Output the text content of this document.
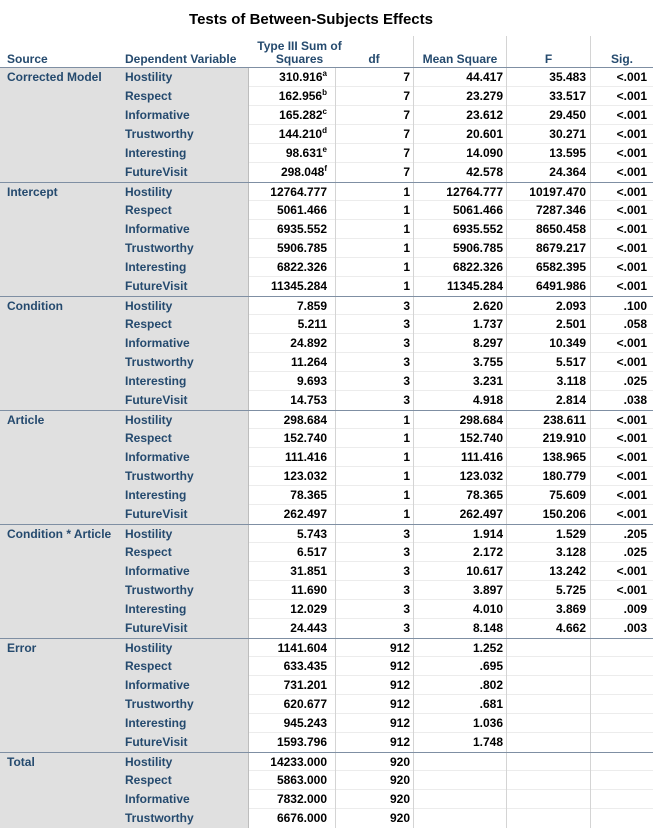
Tests of Between-Subjects Effects
Source	Dependent Variable
Type III Sum of
Squares	df	Mean Square	F	Sig.
Corrected Model	Hostility	310.916$^a$	7	44.417	35.483	<.001
Respect	162.956$^b$	7	23.279	33.517	<.001
Informative	165.282$^c$	7	23.612	29.450	<.001
Trustworthy	144.210$^d$	7	20.601	30.271	<.001
Interesting	98.631e	7	14.090	13.595	<.001
FutureVisit	298.048$^f$	7	42.578	24.364	<.001
Intercept	Hostility	12764.777	1	12764.777	10197.470	<.001
Respect	5061.466	1	5061.466	7287.346	<.001
Informative	6935.552	1	6935.552	8650.458	<.001
Trustworthy	5906.785	1	5906.785	8679.217	<.001
Interesting	6822.326	1	6822.326	6582.395	<.001
FutureVisit	11345.284	1	11345.284	6491.986	<.001
Condition	Hostility	7.859	3	2.620	2.093	.100
Respect	5.211	3	1.737	2.501	.058
Informative	24.892	3	8.297	10.349	<.001
Trustworthy	11.264	3	3.755	5.517	<.001
Interesting	9.693	3	3.231	3.118	.025
FutureVisit	14.753	3	4.918	2.814	.038
Article	Hostility	298.684	1	298.684	238.611	<.001
Respect	152.740	1	152.740	219.910	<.001
Informative	111.416	1	111.416	138.965	<.001
Trustworthy	123.032	1	123.032	180.779	<.001
Interesting	78.365	1	78.365	75.609	<.001
FutureVisit	262.497	1	262.497	150.206	<.001
Condition * Article	Hostility	5.743	3	1.914	1.529	.205
Respect	6.517	3	2.172	3.128	.025
Informative	31.851	3	10.617	13.242	<.001
Trustworthy	11.690	3	3.897	5.725	<.001
Interesting	12.029	3	4.010	3.869	.009
FutureVisit	24.443	3	8.148	4.662	.003
Error	Hostility	1141.604	912	1.252
Respect	633.435	912	.695
Informative	731.201	912	.802
Trustworthy	620.677	912	.681
Interesting	945.243	912	1.036
FutureVisit	1593.796	912	1.748
Total	Hostility	14233.000	920
Respect	5863.000	920
Informative	7832.000	920
Trustworthy	6676.000	920
